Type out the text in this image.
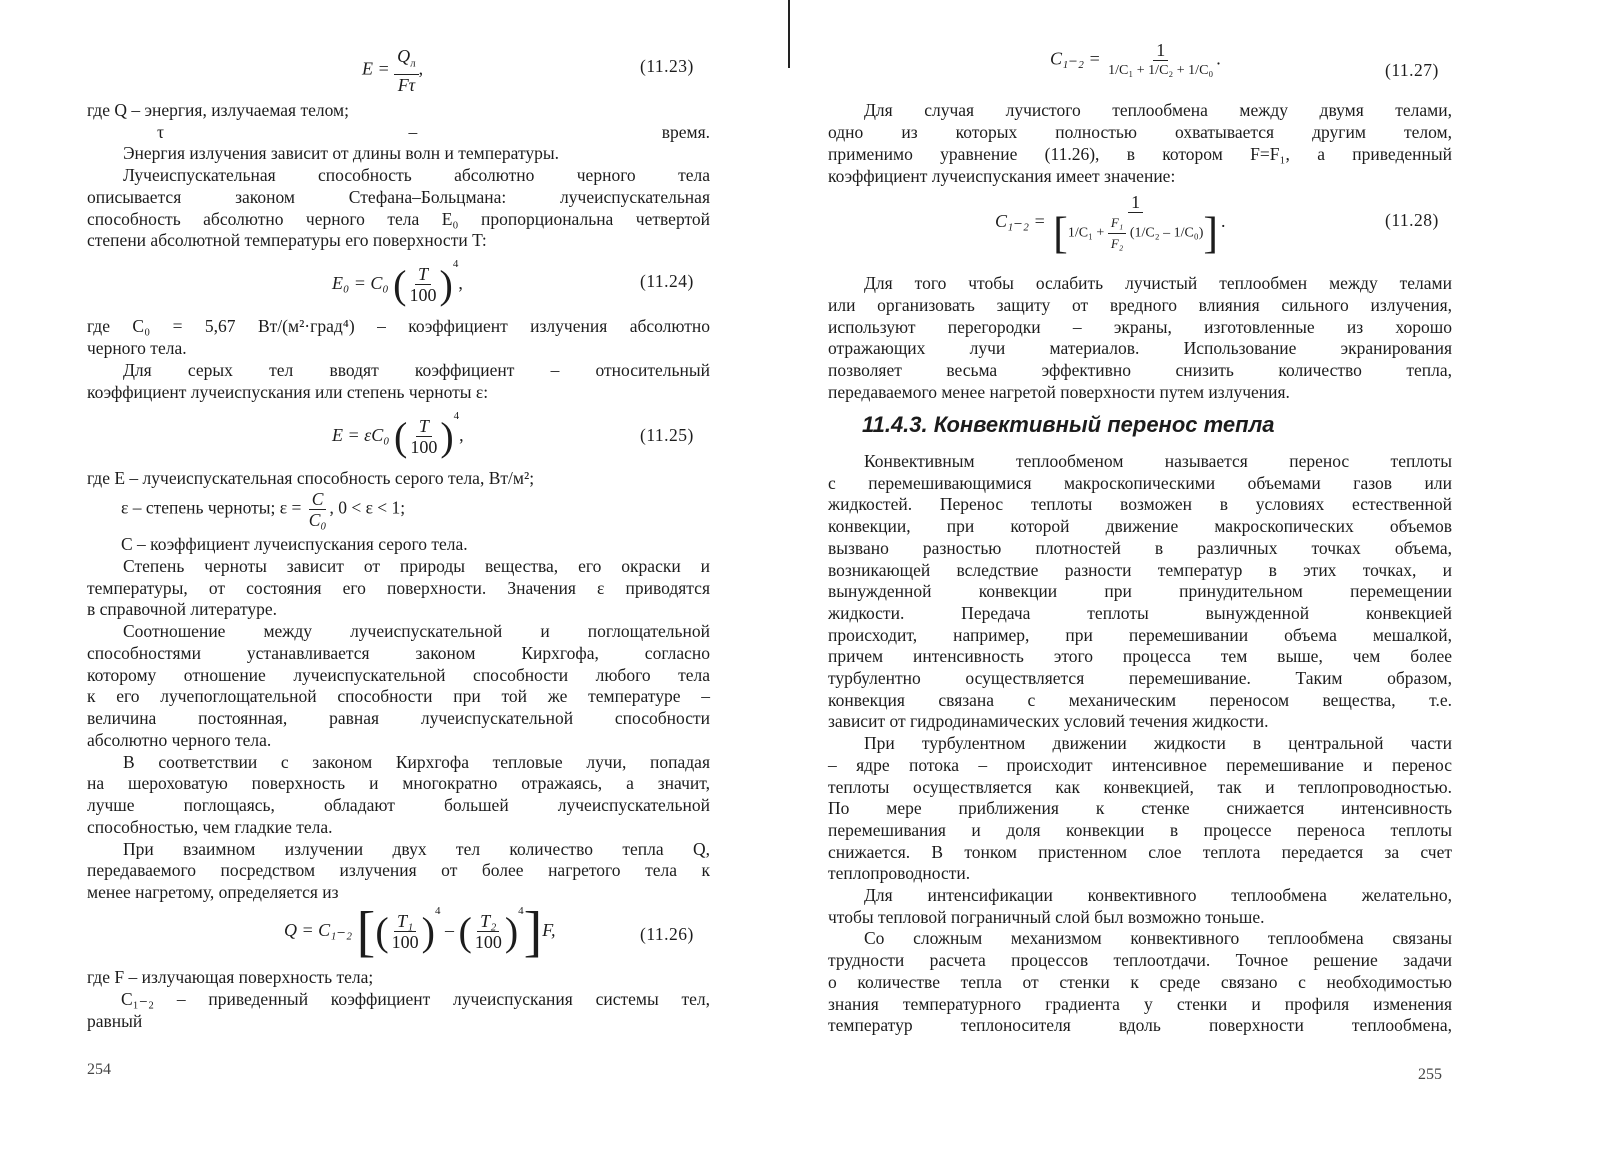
$E = \frac{Q_л}{F\tau}$ ,	(11.23)
где Q – энергия, излучаемая телом;
τ – время.
Энергия излучения зависит от длины волн и температуры.
Лучеиспускательная способность абсолютно черного тела
описывается законом Стефана–Больцмана: лучеиспускательная
способность абсолютно черного тела E₀ пропорциональна четвертой
степени абсолютной температуры его поверхности T:
E₀ = C₀ ( $\frac{T}{100} )^4$,	(11.24)
где C₀ = 5,67 Вт/(м²·град⁴) – коэффициент излучения абсолютно
черного тела.
Для серых тел вводят коэффициент – относительный
коэффициент лучеиспускания или степень черноты ε:
E = εC₀ ( $\frac{T}{100} )^4$,	(11.25)
где E – лучеиспускательная способность серого тела, Вт/м²;
ε – степень черноты; $\varepsilon = \frac{C}{\text{C₀}}$ , 0 < ε < 1;
C – коэффициент лучеиспускания серого тела.
Степень черноты зависит от природы вещества, его окраски и
температуры, от состояния его поверхности. Значения ε приводятся
в справочной литературе.
Соотношение между лучеиспускательной и поглощательной
способностями устанавливается законом Кирхгофа, согласно
которому отношение лучеиспускательной способности любого тела
к его лучепоглощательной способности при той же температуре –
величина постоянная, равная лучеиспускательной способности
абсолютно черного тела.
В соответствии с законом Кирхгофа тепловые лучи, попадая
на шероховатую поверхность и многократно отражаясь, а значит,
лучше поглощаясь, обладают большей лучеиспускательной
способностью, чем гладкие тела.
При взаимном излучении двух тел количество тепла Q,
передаваемого посредством излучения от более нагретого тела к
менее нагретому, определяется из
Q = C₁₋₂ [( $\frac{\text{T₁}}{100} )^4$ – ( $\frac{\text{T₂}}{100} )^4]F$,	(11.26)
где F – излучающая поверхность тела;
C₁₋₂ – приведенный коэффициент лучеиспускания системы тел,
равный
254
$C_{1-2} = \frac{1}{\text{1/C₁ + 1/C₂ + 1/C₀}}$ .
(11.27)
Для случая лучистого теплообмена между двумя телами,
одно из которых полностью охватывается другим телом,
применимо уравнение (11.26), в котором F=F₁, а приведенный
коэффициент лучеиспускания имеет значение:
$C_{1-2} = \frac{1}{[1/C_1 + \frac{\text{F₁}}{\text{F₂}} (1/C_2 - 1/C_0)]}$ .	(11.28)
Для того чтобы ослабить лучистый теплообмен между телами
или организовать защиту от вредного влияния сильного излучения,
используют перегородки – экраны, изготовленные из хорошо
отражающих лучи материалов. Использование экранирования
позволяет весьма эффективно снизить количество тепла,
передаваемого менее нагретой поверхности путем излучения.
11.4.3. Конвективный перенос тепла
Конвективным теплообменом называется перенос теплоты
с перемешивающимися макроскопическими объемами газов или
жидкостей. Перенос теплоты возможен в условиях естественной
конвекции, при которой движение макроскопических объемов
вызвано разностью плотностей в различных точках объема,
возникающей вследствие разности температур в этих точках, и
вынужденной конвекции при принудительном перемещении
жидкости. Передача теплоты вынужденной конвекцией
происходит, например, при перемешивании объема мешалкой,
причем интенсивность этого процесса тем выше, чем более
турбулентно осуществляется перемешивание. Таким образом,
конвекция связана с механическим переносом вещества, т.е.
зависит от гидродинамических условий течения жидкости.
При турбулентном движении жидкости в центральной части
– ядре потока – происходит интенсивное перемешивание и перенос
теплоты осуществляется как конвекцией, так и теплопроводностью.
По мере приближения к стенке снижается интенсивность
перемешивания и доля конвекции в процессе переноса теплоты
снижается. В тонком пристенном слое теплота передается за счет
теплопроводности.
Для интенсификации конвективного теплообмена желательно,
чтобы тепловой пограничный слой был возможно тоньше.
Со сложным механизмом конвективного теплообмена связаны
трудности расчета процессов теплоотдачи. Точное решение задачи
о количестве тепла от стенки к среде связано с необходимостью
знания температурного градиента у стенки и профиля изменения
температур теплоносителя вдоль поверхности теплообмена,
255
